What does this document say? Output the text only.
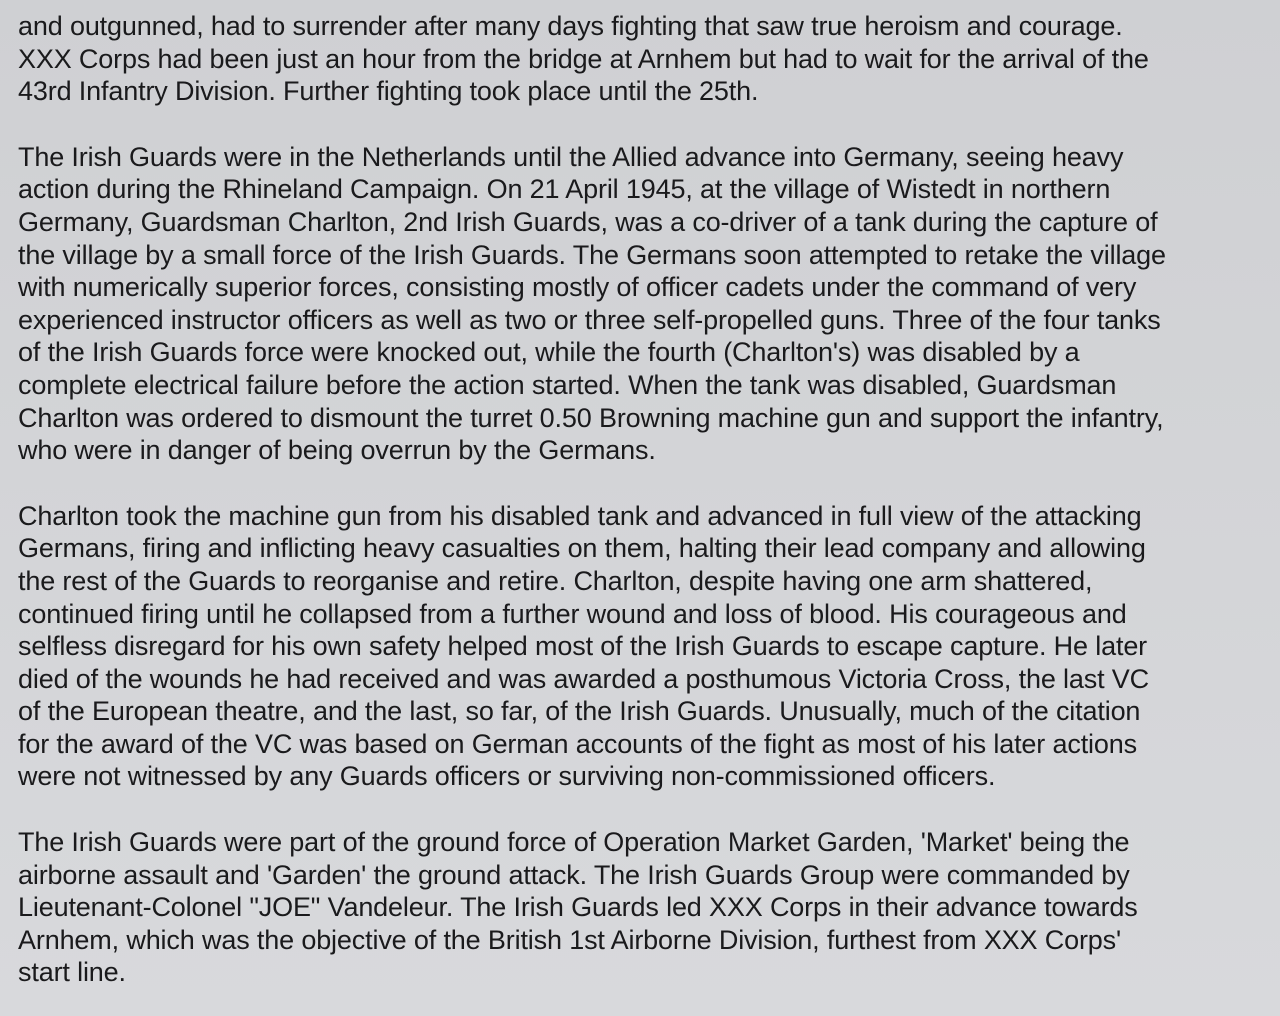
and outgunned, had to surrender after many days fighting that saw true heroism and courage.
XXX Corps had been just an hour from the bridge at Arnhem but had to wait for the arrival of the
43rd Infantry Division. Further fighting took place until the 25th.

The Irish Guards were in the Netherlands until the Allied advance into Germany, seeing heavy
action during the Rhineland Campaign. On 21 April 1945, at the village of Wistedt in northern
Germany, Guardsman Charlton, 2nd Irish Guards, was a co-driver of a tank during the capture of
the village by a small force of the Irish Guards. The Germans soon attempted to retake the village
with numerically superior forces, consisting mostly of officer cadets under the command of very
experienced instructor officers as well as two or three self-propelled guns. Three of the four tanks
of the Irish Guards force were knocked out, while the fourth (Charlton's) was disabled by a
complete electrical failure before the action started. When the tank was disabled, Guardsman
Charlton was ordered to dismount the turret 0.50 Browning machine gun and support the infantry,
who were in danger of being overrun by the Germans.

Charlton took the machine gun from his disabled tank and advanced in full view of the attacking
Germans, firing and inflicting heavy casualties on them, halting their lead company and allowing
the rest of the Guards to reorganise and retire. Charlton, despite having one arm shattered,
continued firing until he collapsed from a further wound and loss of blood. His courageous and
selfless disregard for his own safety helped most of the Irish Guards to escape capture. He later
died of the wounds he had received and was awarded a posthumous Victoria Cross, the last VC
of the European theatre, and the last, so far, of the Irish Guards. Unusually, much of the citation
for the award of the VC was based on German accounts of the fight as most of his later actions
were not witnessed by any Guards officers or surviving non-commissioned officers.

The Irish Guards were part of the ground force of Operation Market Garden, 'Market' being the
airborne assault and 'Garden' the ground attack. The Irish Guards Group were commanded by
Lieutenant-Colonel "JOE" Vandeleur. The Irish Guards led XXX Corps in their advance towards
Arnhem, which was the objective of the British 1st Airborne Division, furthest from XXX Corps'
start line.
